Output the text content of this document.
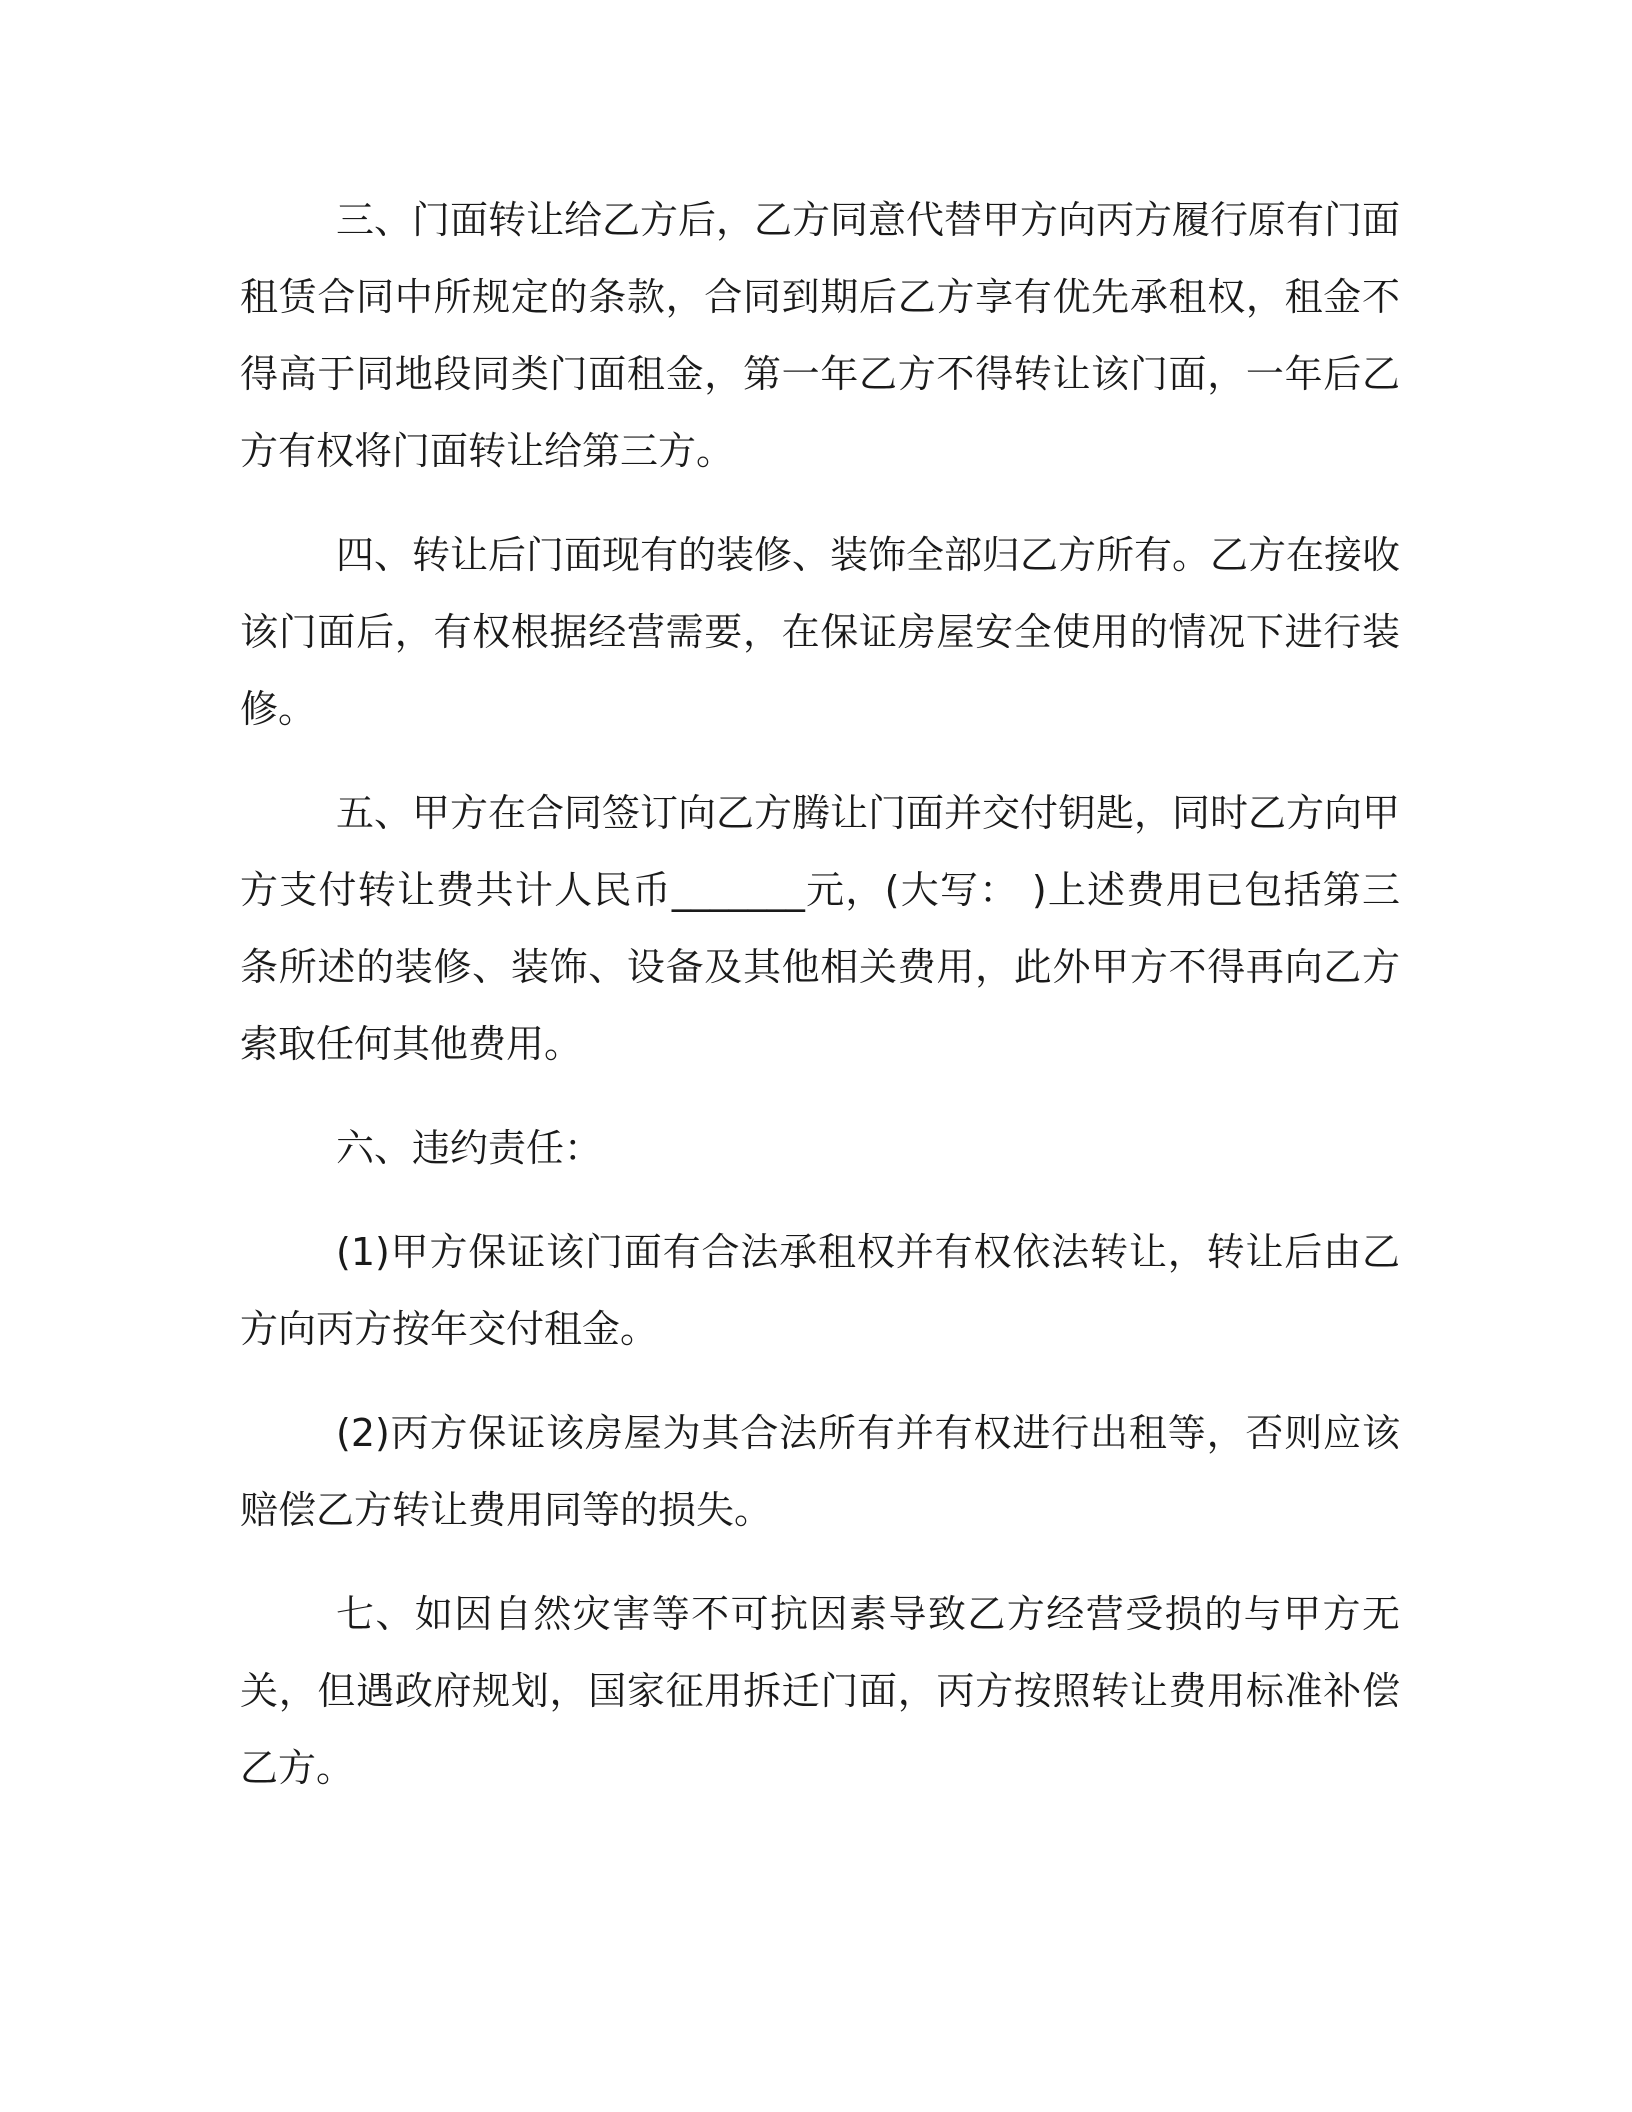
三、门面转让给乙方后，乙方同意代替甲方向丙方履行原有门面租赁合同中所规定的条款，合同到期后乙方享有优先承租权，租金不得高于同地段同类门面租金，第一年乙方不得转让该门面，一年后乙方有权将门面转让给第三方。

四、转让后门面现有的装修、装饰全部归乙方所有。乙方在接收该门面后，有权根据经营需要，在保证房屋安全使用的情况下进行装修。

五、甲方在合同签订向乙方腾让门面并交付钥匙，同时乙方向甲方支付转让费共计人民币_______元，(大写： )上述费用已包括第三条所述的装修、装饰、设备及其他相关费用，此外甲方不得再向乙方索取任何其他费用。

六、违约责任：

(1)甲方保证该门面有合法承租权并有权依法转让，转让后由乙方向丙方按年交付租金。

(2)丙方保证该房屋为其合法所有并有权进行出租等，否则应该赔偿乙方转让费用同等的损失。

七、如因自然灾害等不可抗因素导致乙方经营受损的与甲方无关，但遇政府规划，国家征用拆迁门面，丙方按照转让费用标准补偿乙方。
